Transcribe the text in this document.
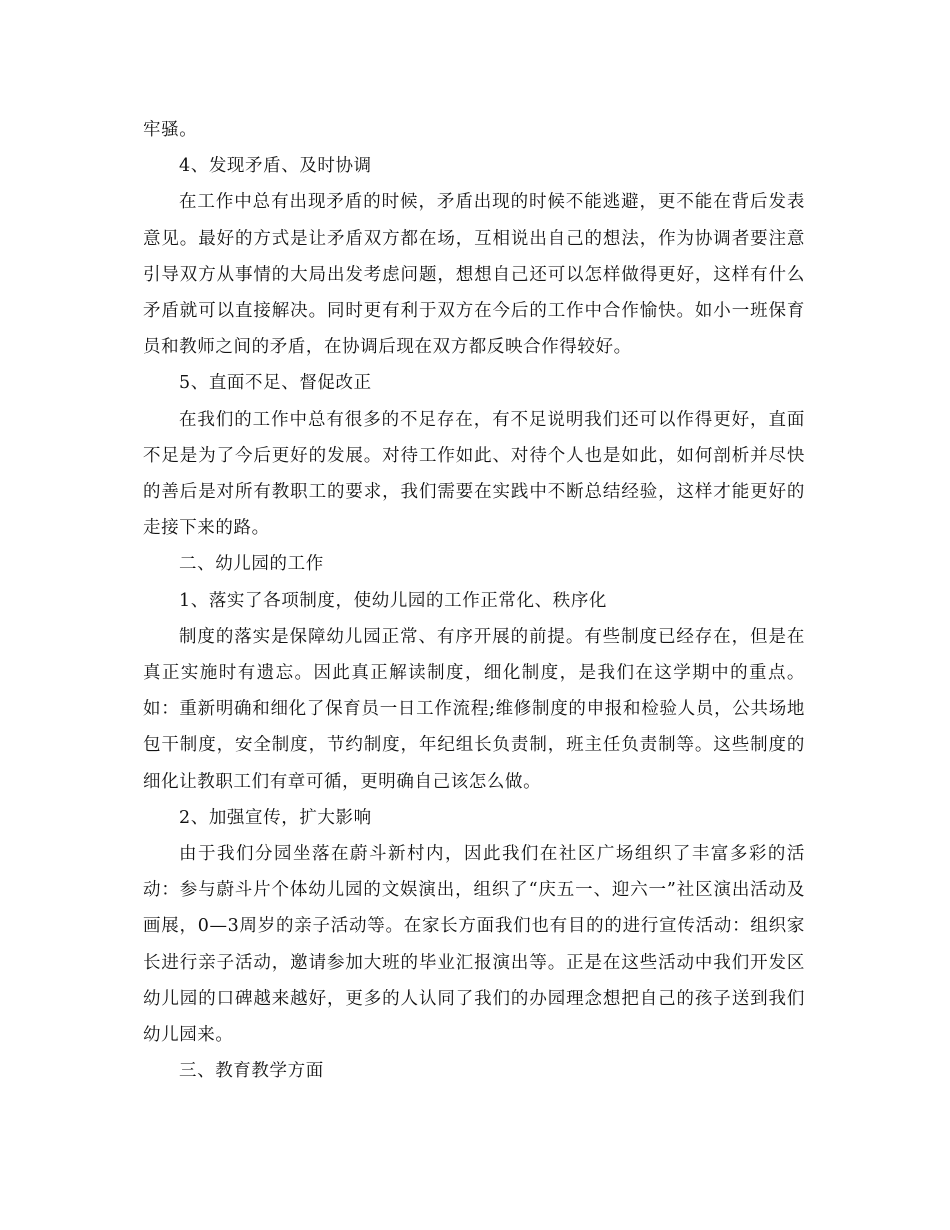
牢骚。

4、发现矛盾、及时协调

在工作中总有出现矛盾的时候，矛盾出现的时候不能逃避，更不能在背后发表意见。最好的方式是让矛盾双方都在场，互相说出自己的想法，作为协调者要注意引导双方从事情的大局出发考虑问题，想想自己还可以怎样做得更好，这样有什么矛盾就可以直接解决。同时更有利于双方在今后的工作中合作愉快。如小一班保育员和教师之间的矛盾，在协调后现在双方都反映合作得较好。

5、直面不足、督促改正

在我们的工作中总有很多的不足存在，有不足说明我们还可以作得更好，直面不足是为了今后更好的发展。对待工作如此、对待个人也是如此，如何剖析并尽快的善后是对所有教职工的要求，我们需要在实践中不断总结经验，这样才能更好的走接下来的路。

二、幼儿园的工作

1、落实了各项制度，使幼儿园的工作正常化、秩序化

制度的落实是保障幼儿园正常、有序开展的前提。有些制度已经存在，但是在真正实施时有遗忘。因此真正解读制度，细化制度，是我们在这学期中的重点。如：重新明确和细化了保育员一日工作流程;维修制度的申报和检验人员，公共场地包干制度，安全制度，节约制度，年纪组长负责制，班主任负责制等。这些制度的细化让教职工们有章可循，更明确自己该怎么做。

2、加强宣传，扩大影响

由于我们分园坐落在蔚斗新村内，因此我们在社区广场组织了丰富多彩的活动：参与蔚斗片个体幼儿园的文娱演出，组织了“庆五一、迎六一”社区演出活动及画展，0—3周岁的亲子活动等。在家长方面我们也有目的的进行宣传活动：组织家长进行亲子活动，邀请参加大班的毕业汇报演出等。正是在这些活动中我们开发区幼儿园的口碑越来越好，更多的人认同了我们的办园理念想把自己的孩子送到我们幼儿园来。

三、教育教学方面
